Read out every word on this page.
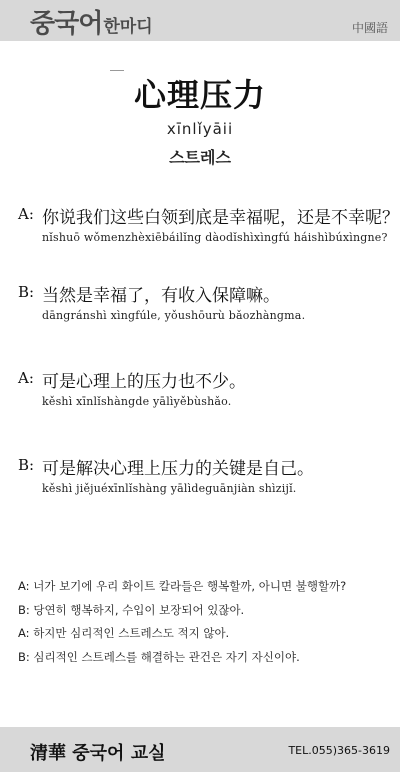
중국어한마디	中國語
心理压力
xīnlǐyāii
스트레스
A: 你说我们这些白领到底是幸福呢，还是不幸呢？
nǐshuō wǒmenzhèxiēbáilǐng dàodǐshìxìngfú háishìbúxìngne?
B: 当然是幸福了，有收入保障嘛。
dāngránshì xìngfúle, yǒushōurù bǎozhàngma.
A: 可是心理上的压力也不少。
kěshì xīnlǐshàngde yālìyěbùshǎo.
B: 可是解决心理上压力的关键是自己。
kěshì jiějuéxīnlǐshàng yālìdeguānjiàn shìzijǐ.
A: 너가 보기에 우리 화이트 칼라들은 행복할까, 아니면 불행할까?
B: 당연히 행복하지, 수입이 보장되어 있잖아.
A: 하지만 심리적인 스트레스도 적지 않아.
B: 심리적인 스트레스를 해결하는 관건은 자기 자신이야.
清華 중국어 교실	TEL.055)365-3619
